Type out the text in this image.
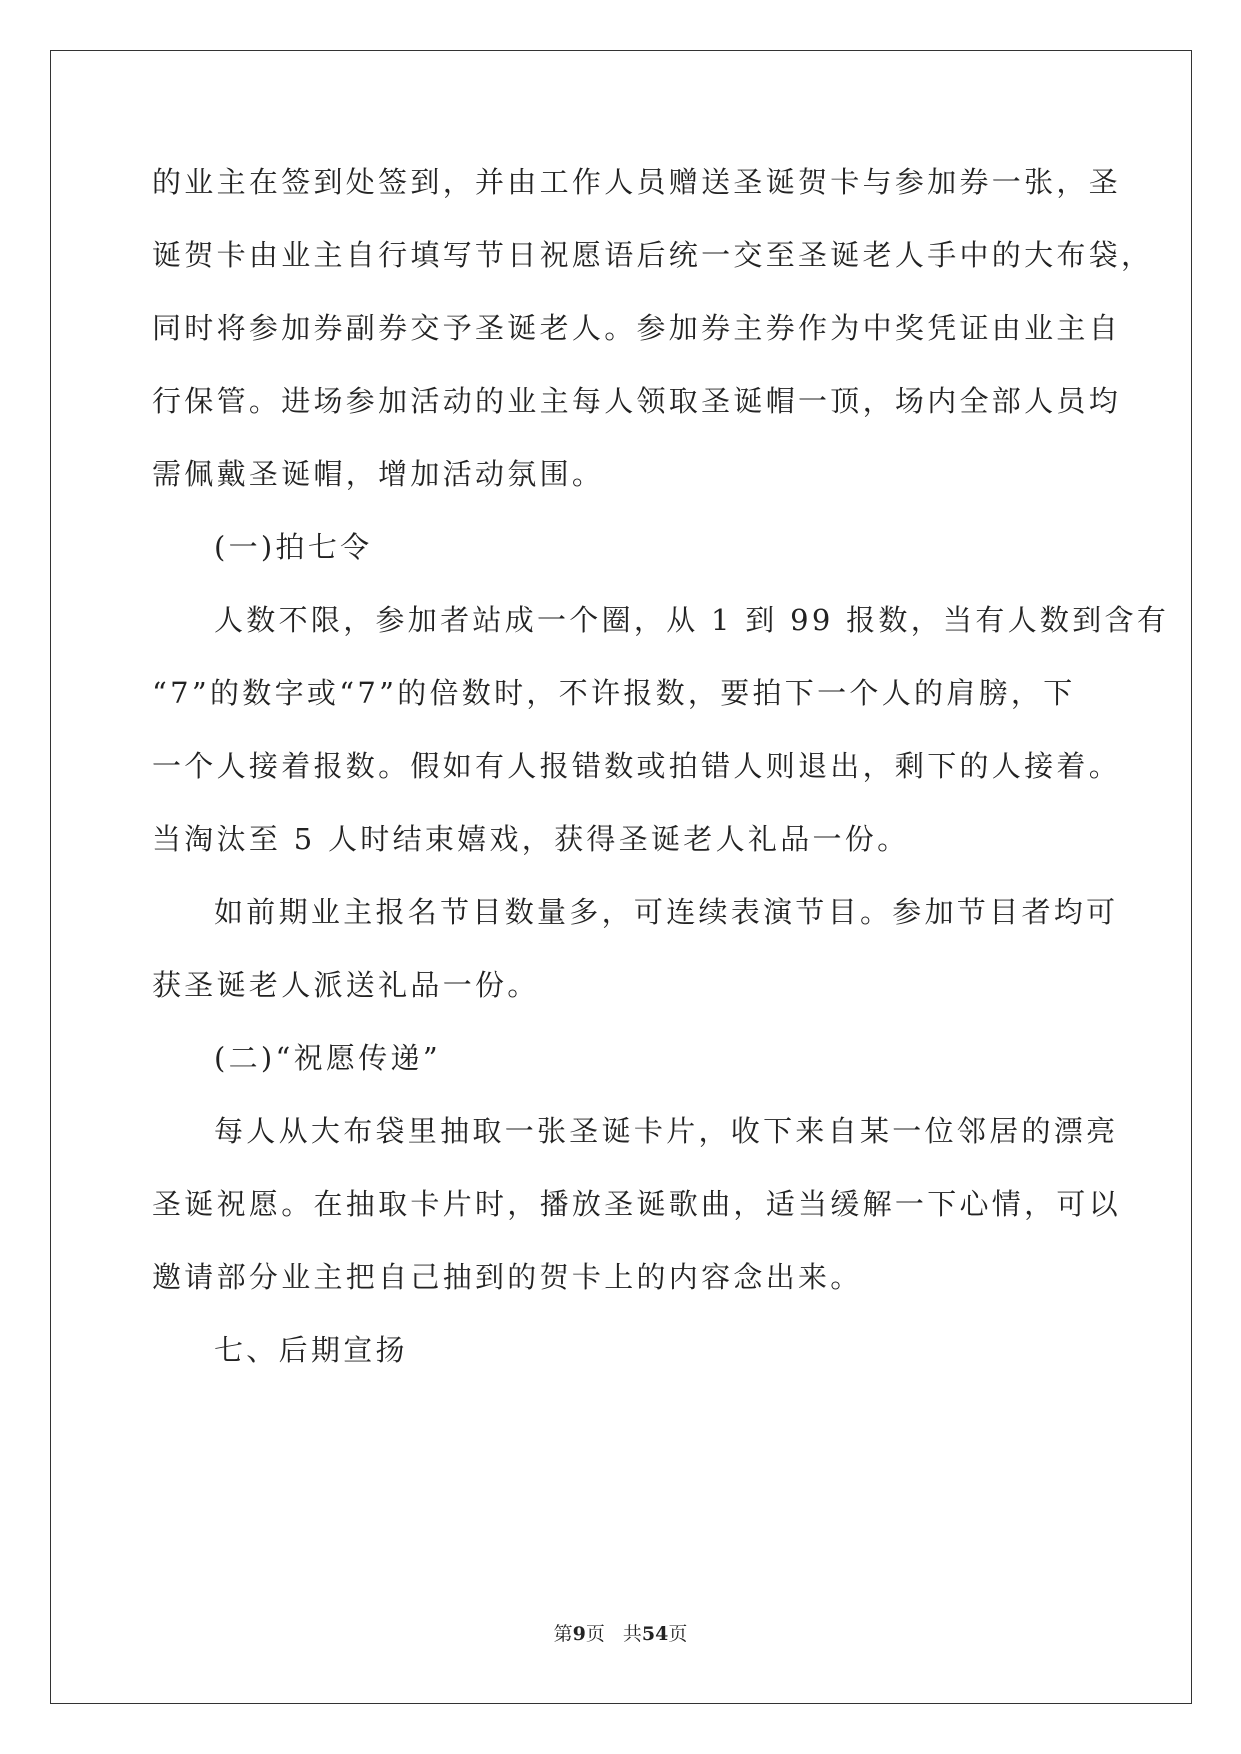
的业主在签到处签到，并由工作人员赠送圣诞贺卡与参加券一张，圣
诞贺卡由业主自行填写节日祝愿语后统一交至圣诞老人手中的大布袋，
同时将参加券副券交予圣诞老人。参加券主券作为中奖凭证由业主自
行保管。进场参加活动的业主每人领取圣诞帽一顶，场内全部人员均
需佩戴圣诞帽，增加活动氛围。
(一)拍七令
人数不限，参加者站成一个圈，从 1 到 99 报数，当有人数到含有
“7”的数字或“7”的倍数时，不许报数，要拍下一个人的肩膀，下
一个人接着报数。假如有人报错数或拍错人则退出，剩下的人接着。
当淘汰至 5 人时结束嬉戏，获得圣诞老人礼品一份。
如前期业主报名节目数量多，可连续表演节目。参加节目者均可
获圣诞老人派送礼品一份。
(二)“祝愿传递”
每人从大布袋里抽取一张圣诞卡片，收下来自某一位邻居的漂亮
圣诞祝愿。在抽取卡片时，播放圣诞歌曲，适当缓解一下心情，可以
邀请部分业主把自己抽到的贺卡上的内容念出来。
七、后期宣扬
第9页 共54页
